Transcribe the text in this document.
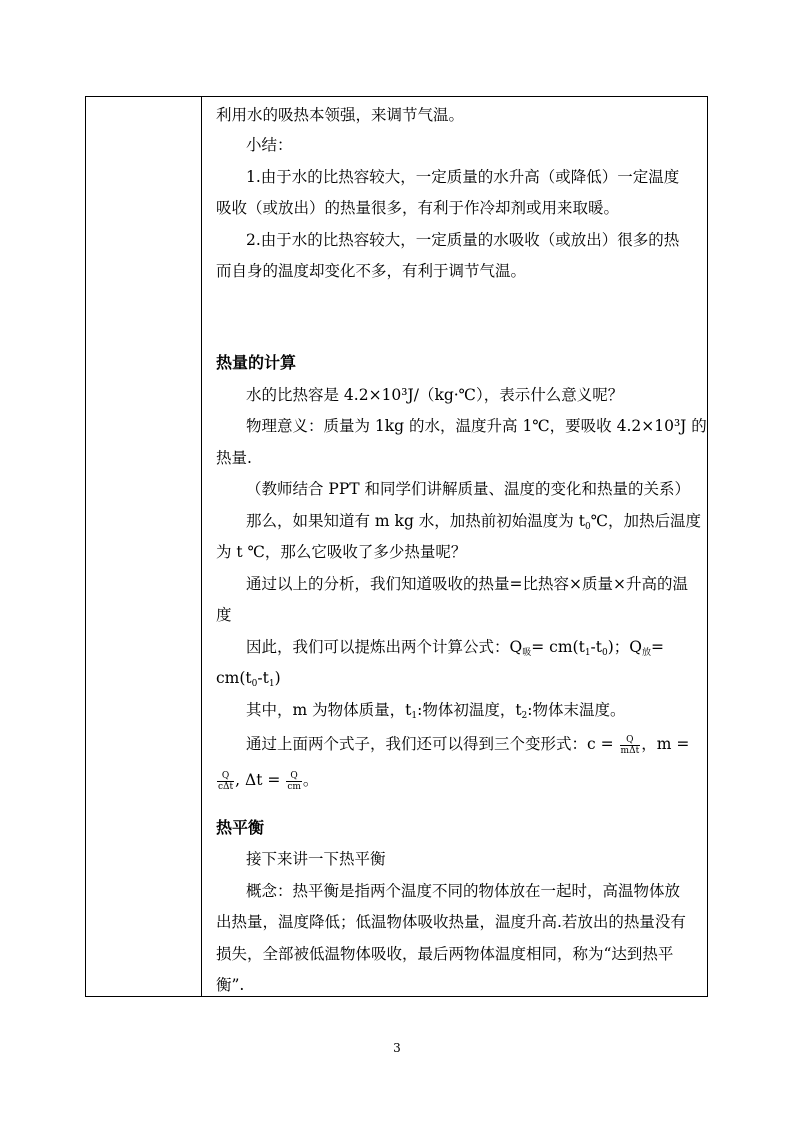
利用水的吸热本领强，来调节气温。
小结：
1.由于水的比热容较大，一定质量的水升高（或降低）一定温度
吸收（或放出）的热量很多，有利于作冷却剂或用来取暖。
2.由于水的比热容较大，一定质量的水吸收（或放出）很多的热
而自身的温度却变化不多，有利于调节气温。
热量的计算
水的比热容是 4.2×10³J/（kg·℃），表示什么意义呢？
物理意义：质量为 1kg 的水，温度升高 1℃，要吸收 4.2×10³J 的
热量.
（教师结合 PPT 和同学们讲解质量、温度的变化和热量的关系）
那么，如果知道有 m kg 水，加热前初始温度为 $t_0℃$，加热后温度
为 t ℃，那么它吸收了多少热量呢？
通过以上的分析，我们知道吸收的热量=比热容×质量×升高的温
度
因此，我们可以提炼出两个计算公式：$Q_吸= cm(t_1-t_0)$；$Q_放=$
$cm(t_0-t_1)$
其中，m 为物体质量，$t_1$:物体初温度，$t_2$:物体末温度。
通过上面两个式子，我们还可以得到三个变形式：$c = \frac{Q}{\text{mΔt}}$ ，m =
$\frac{Q}{\text{cΔt}}$ , $\Delta t = \frac{Q}{cm}$ 。
热平衡
接下来讲一下热平衡
概念：热平衡是指两个温度不同的物体放在一起时，高温物体放
出热量，温度降低；低温物体吸收热量，温度升高.若放出的热量没有
损失，全部被低温物体吸收，最后两物体温度相同，称为“达到热平
衡”.
3
